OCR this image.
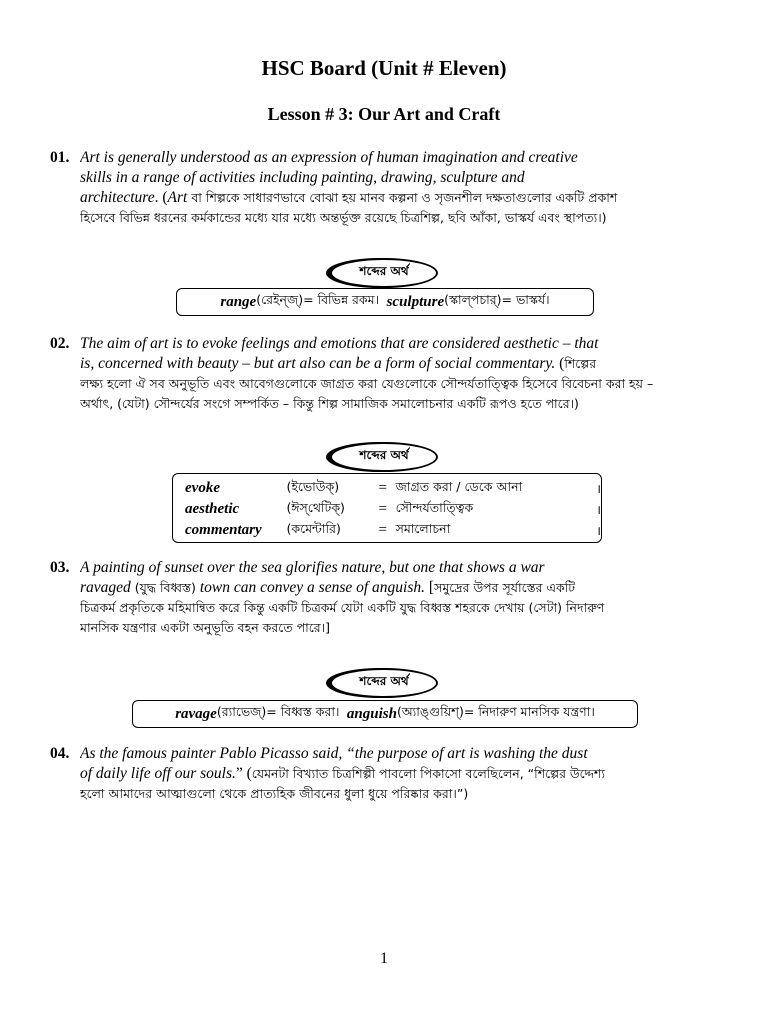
HSC Board (Unit # Eleven)
Lesson # 3: Our Art and Craft
01. Art is generally understood as an expression of human imagination and creative
skills in a range of activities including painting, drawing, sculpture and
architecture. (Art বা শিল্পকে সাধারণভাবে বোঝা হয় মানব কল্পনা ও সৃজনশীল দক্ষতাগুলোর একটি প্রকাশ
হিসেবে বিভিন্ন ধরনের কর্মকান্ডের মধ্যে যার মধ্যে অন্তর্ভূক্ত রয়েছে চিত্রশিল্প, ছবি আঁকা, ভাস্কর্য এবং স্থাপত্য।)
শব্দের অর্থ
range (রেইন্‌জ্‌) = বিভিন্ন রকম।
sculpture (স্কাল্‌পচার্‌) = ভাস্কর্য।
02. The aim of art is to evoke feelings and emotions that are considered aesthetic – that
is, concerned with beauty – but art also can be a form of social commentary. (শিল্পের
লক্ষ্য হলো ঐ সব অনুভূতি এবং আবেগগুলোকে জাগ্রত করা যেগুলোকে সৌন্দর্যতাত্ত্বিক হিসেবে বিবেচনা করা হয় –
অর্থাৎ, (যেটা) সৌন্দর্যের সংগে সম্পর্কিত – কিন্তু শিল্প সামাজিক সমালোচনার একটি রূপও হতে পারে।)
শব্দের অর্থ
evoke	(ইভোউক্‌)	=	জাগ্রত করা / ডেকে আনা	।
aesthetic	(ঈস্‌থেটিক্‌)	=	সৌন্দর্যতাত্ত্বিক	।
commentary	(কমেন্টারি)	=	সমালোচনা	।
03. A painting of sunset over the sea glorifies nature, but one that shows a war
ravaged (যুদ্ধ বিধ্বস্ত) town can convey a sense of anguish. [সমুদ্রের উপর সূর্যাস্তের একটি
চিত্রকর্ম প্রকৃতিকে মহিমান্বিত করে কিন্তু একটি চিত্রকর্ম যেটা একটি যুদ্ধ বিধ্বস্ত শহরকে দেখায় (সেটা) নিদারুণ
মানসিক যন্ত্রণার একটা অনুভূতি বহন করতে পারে।]
শব্দের অর্থ
ravage (র‍্যাভেজ্‌) = বিধ্বস্ত করা।
anguish (অ্যাঙ্গুয়িশ্‌) = নিদারুণ মানসিক যন্ত্রণা।
04. As the famous painter Pablo Picasso said, “the purpose of art is washing the dust
of daily life off our souls.” (যেমনটা বিখ্যাত চিত্রশিল্পী পাবলো পিকাসো বলেছিলেন, “শিল্পের উদ্দেশ্য
হলো আমাদের আত্মাগুলো থেকে প্রাত্যহিক জীবনের ধুলা ধুয়ে পরিষ্কার করা।”)
1
